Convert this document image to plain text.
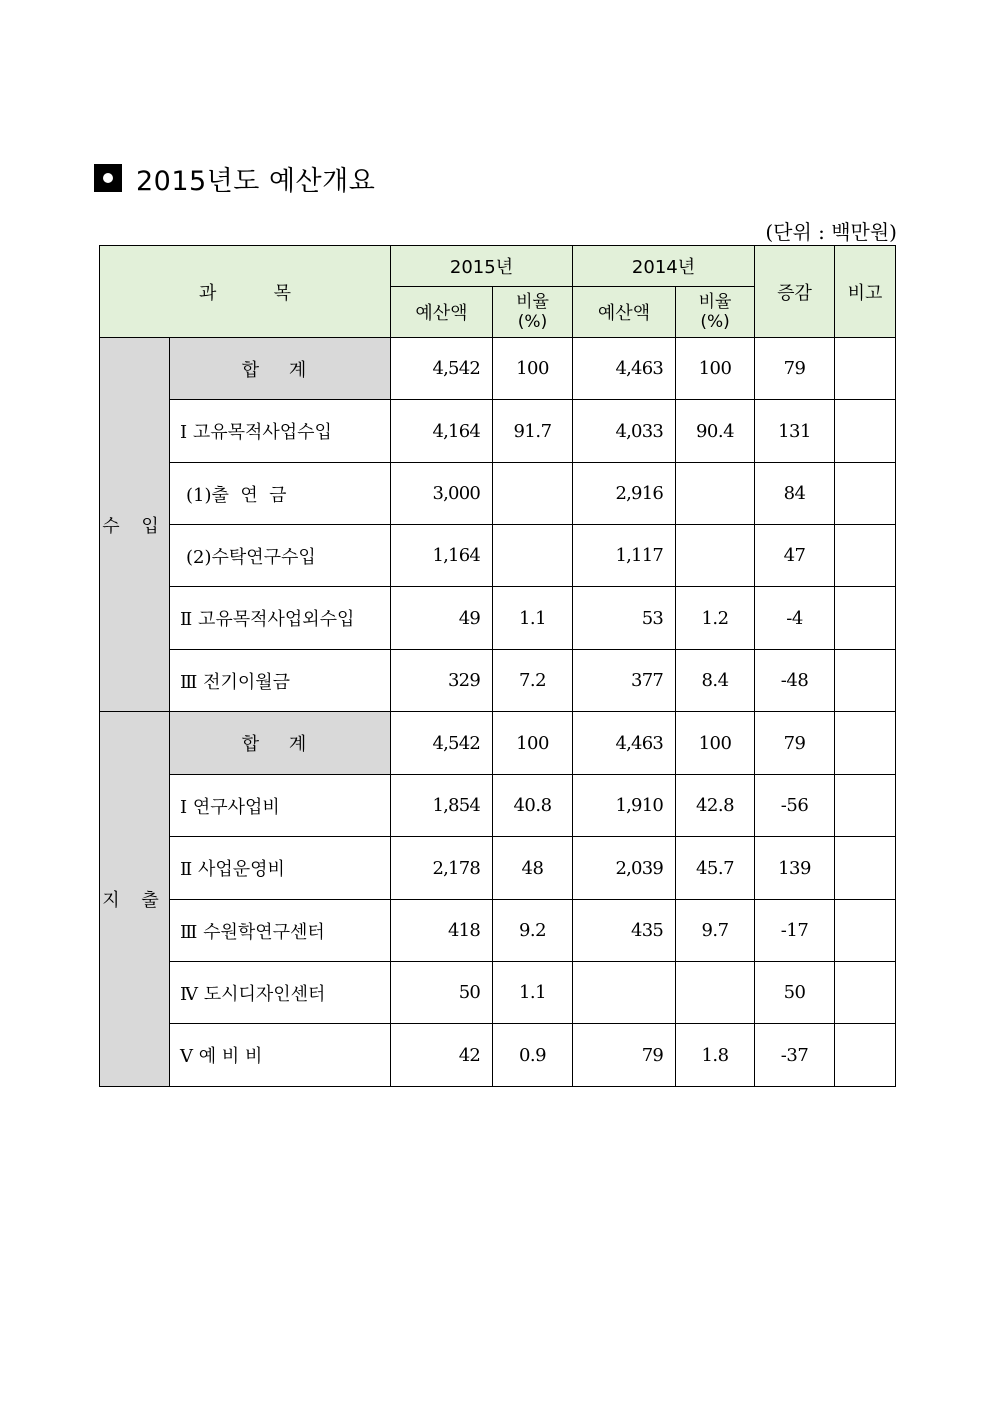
2015년도 예산개요
(단위 : 백만원)
과          목		2015년		2014년		증감	비고
		예산액	비율 (%)	예산액	비율 (%)		
수 입	합 계	4,542	100	4,463	100	79	
	Ⅰ 고유목적사업수입	4,164	91.7	4,033	90.4	131	
	(1)출  연  금	3,000		2,916		84	
	(2)수탁연구수입	1,164		1,117		47	
	Ⅱ 고유목적사업외수입	49	1.1	53	1.2	-4	
	Ⅲ 전기이월금	329	7.2	377	8.4	-48	
지 출	합 계	4,542	100	4,463	100	79	
	Ⅰ 연구사업비	1,854	40.8	1,910	42.8	-56	
	Ⅱ 사업운영비	2,178	48	2,039	45.7	139	
	Ⅲ 수원학연구센터	418	9.2	435	9.7	-17	
	Ⅳ 도시디자인센터	50	1.1			50	
	Ⅴ 예 비 비	42	0.9	79	1.8	-37	
